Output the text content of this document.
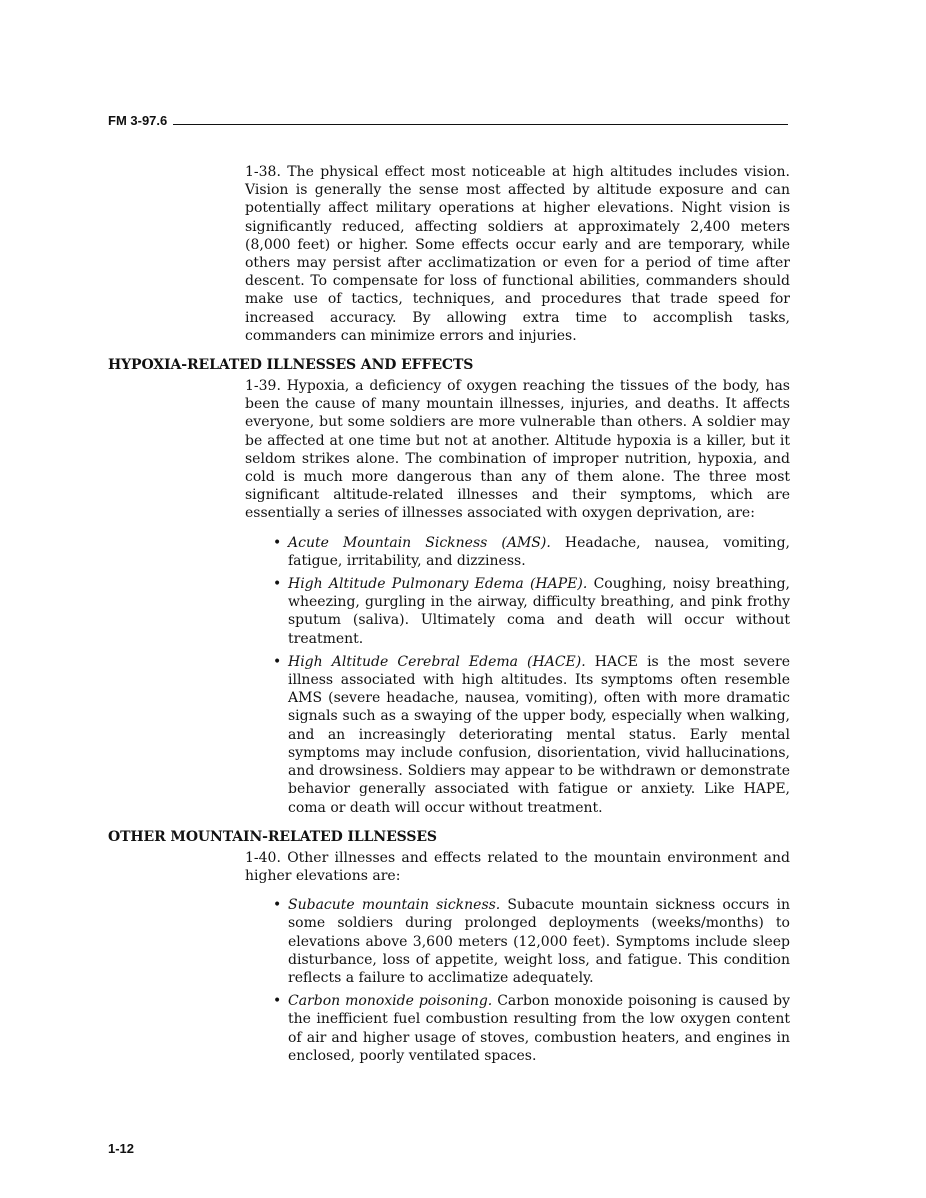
FM 3-97.6

1-38. The physical effect most noticeable at high altitudes includes vision. Vision is generally the sense most affected by altitude exposure and can potentially affect military operations at higher elevations. Night vision is significantly reduced, affecting soldiers at approximately 2,400 meters (8,000 feet) or higher. Some effects occur early and are temporary, while others may persist after acclimatization or even for a period of time after descent. To compensate for loss of functional abilities, commanders should make use of tactics, techniques, and procedures that trade speed for increased accuracy. By allowing extra time to accomplish tasks, commanders can minimize errors and injuries.

HYPOXIA-RELATED ILLNESSES AND EFFECTS

1-39. Hypoxia, a deficiency of oxygen reaching the tissues of the body, has been the cause of many mountain illnesses, injuries, and deaths. It affects everyone, but some soldiers are more vulnerable than others. A soldier may be affected at one time but not at another. Altitude hypoxia is a killer, but it seldom strikes alone. The combination of improper nutrition, hypoxia, and cold is much more dangerous than any of them alone. The three most significant altitude-related illnesses and their symptoms, which are essentially a series of illnesses associated with oxygen deprivation, are:

• Acute Mountain Sickness (AMS). Headache, nausea, vomiting, fatigue, irritability, and dizziness.
• High Altitude Pulmonary Edema (HAPE). Coughing, noisy breathing, wheezing, gurgling in the airway, difficulty breathing, and pink frothy sputum (saliva). Ultimately coma and death will occur without treatment.
• High Altitude Cerebral Edema (HACE). HACE is the most severe illness associated with high altitudes. Its symptoms often resemble AMS (severe headache, nausea, vomiting), often with more dramatic signals such as a swaying of the upper body, especially when walking, and an increasingly deteriorating mental status. Early mental symptoms may include confusion, disorientation, vivid hallucinations, and drowsiness. Soldiers may appear to be withdrawn or demonstrate behavior generally associated with fatigue or anxiety. Like HAPE, coma or death will occur without treatment.
OTHER MOUNTAIN-RELATED ILLNESSES

1-40. Other illnesses and effects related to the mountain environment and higher elevations are:

• Subacute mountain sickness. Subacute mountain sickness occurs in some soldiers during prolonged deployments (weeks/months) to elevations above 3,600 meters (12,000 feet). Symptoms include sleep disturbance, loss of appetite, weight loss, and fatigue. This condition reflects a failure to acclimatize adequately.
• Carbon monoxide poisoning. Carbon monoxide poisoning is caused by the inefficient fuel combustion resulting from the low oxygen content of air and higher usage of stoves, combustion heaters, and engines in enclosed, poorly ventilated spaces.
1-12
